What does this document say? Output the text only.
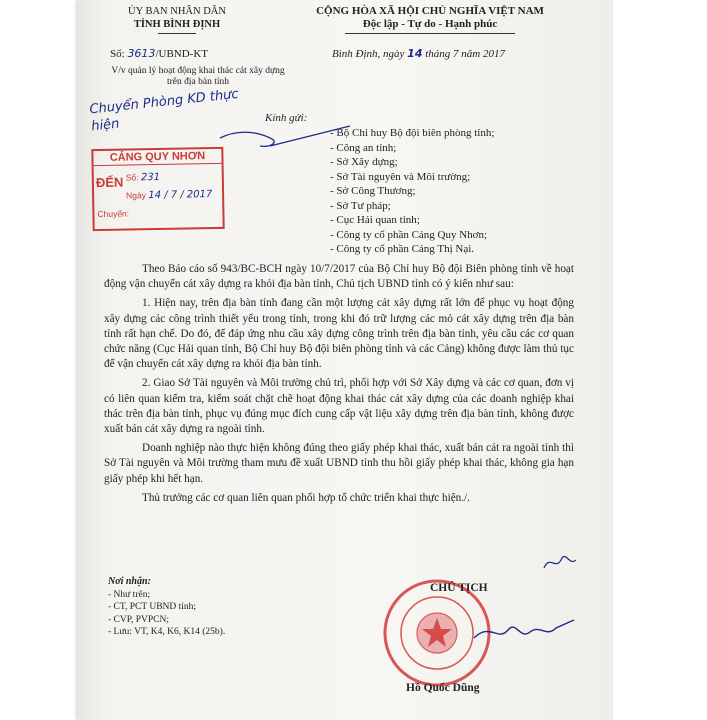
ỦY BAN NHÂN DÂN
TỈNH BÌNH ĐỊNH
CỘNG HÒA XÃ HỘI CHỦ NGHĨA VIỆT NAM
Độc lập - Tự do - Hạnh phúc
Số: 3613/UBND-KT	Bình Định, ngày 14 tháng 7 năm 2017
V/v quản lý hoạt động khai thác cát xây dựng trên địa bàn tỉnh
Chuyển Phòng KD thực hiện	Kính gửi:
- Bộ Chỉ huy Bộ đội biên phòng tỉnh;
- Công an tỉnh;
- Sở Xây dựng;
- Sở Tài nguyên và Môi trường;
- Sở Công Thương;
- Sở Tư pháp;
- Cục Hải quan tỉnh;
- Công ty cổ phần Cảng Quy Nhơn;
- Công ty cổ phần Cảng Thị Nại.
CẢNG QUY NHƠN
ĐẾN Số: 231
Ngày 14 / 7 / 2017
Chuyển:

Theo Báo cáo số 943/BC-BCH ngày 10/7/2017 của Bộ Chỉ huy Bộ đội Biên phòng tỉnh về hoạt động vận chuyển cát xây dựng ra khỏi địa bàn tỉnh, Chủ tịch UBND tỉnh có ý kiến như sau:

1. Hiện nay, trên địa bàn tỉnh đang cần một lượng cát xây dựng rất lớn để phục vụ hoạt động xây dựng các công trình thiết yếu trong tỉnh, trong khi đó trữ lượng các mỏ cát xây dựng trên địa bàn tỉnh rất hạn chế. Do đó, để đáp ứng nhu cầu xây dựng công trình trên địa bàn tỉnh, yêu cầu các cơ quan chức năng (Cục Hải quan tỉnh, Bộ Chỉ huy Bộ đội biên phòng tỉnh và các Cảng) không được làm thủ tục để vận chuyển cát xây dựng ra khỏi địa bàn tỉnh.

2. Giao Sở Tài nguyên và Môi trường chủ trì, phối hợp với Sở Xây dựng và các cơ quan, đơn vị có liên quan kiểm tra, kiểm soát chặt chẽ hoạt động khai thác cát xây dựng của các doanh nghiệp khai thác trên địa bàn tỉnh, phục vụ đúng mục đích cung cấp vật liệu xây dựng trên địa bàn tỉnh, không được xuất bán cát xây dựng ra ngoài tỉnh.

Doanh nghiệp nào thực hiện không đúng theo giấy phép khai thác, xuất bán cát ra ngoài tỉnh thì Sở Tài nguyên và Môi trường tham mưu đề xuất UBND tỉnh thu hồi giấy phép khai thác, không gia hạn giấy phép khi hết hạn.

Thủ trưởng các cơ quan liên quan phối hợp tổ chức triển khai thực hiện./.

Nơi nhận:
- Như trên;
- CT, PCT UBND tỉnh;
- CVP, PVPCN;
- Lưu: VT, K4, K6, K14 (25b).
CHỦ TỊCH
Hồ Quốc Dũng
